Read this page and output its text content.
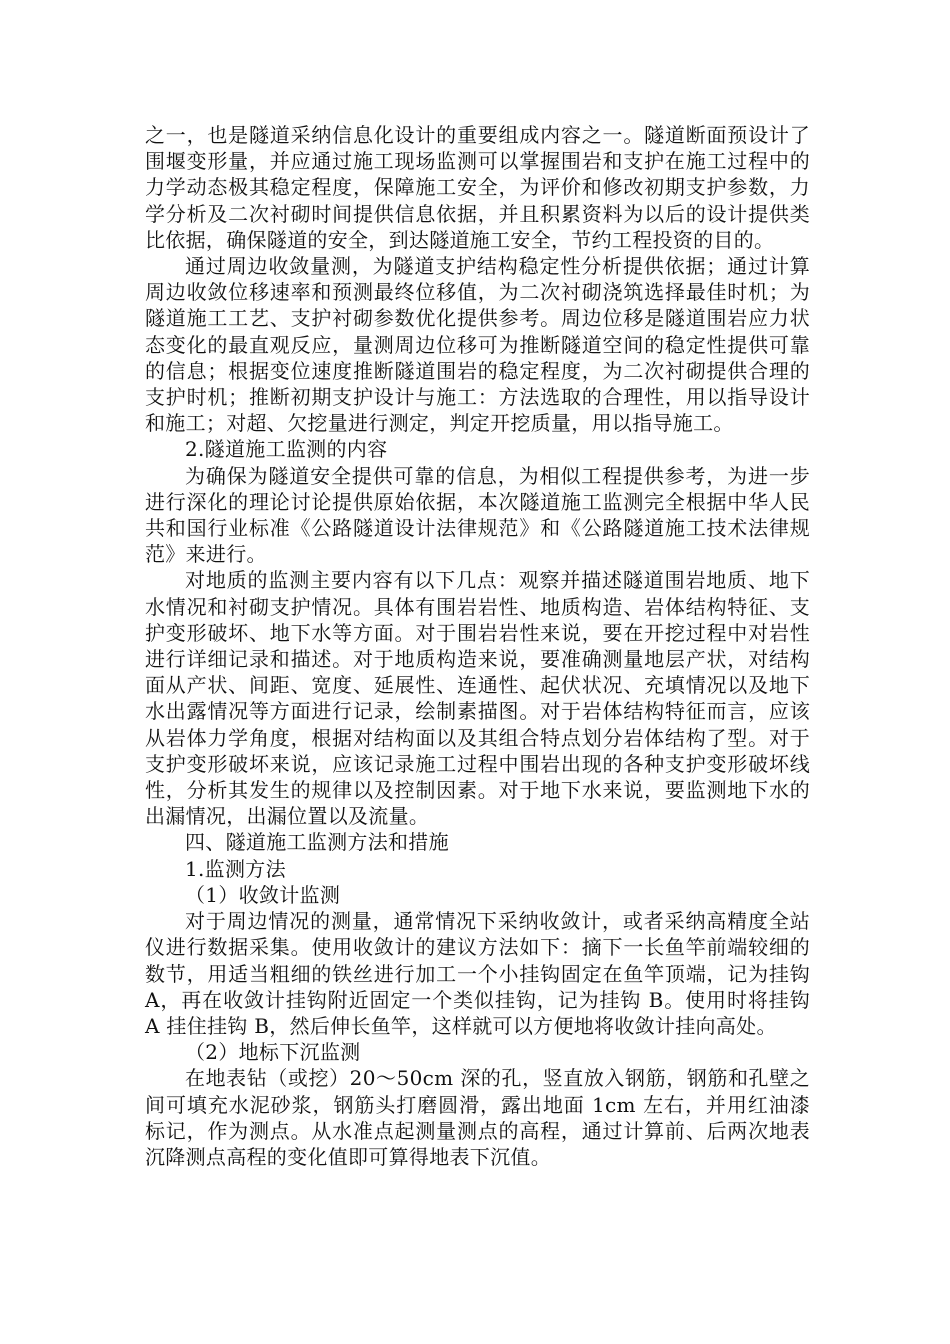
之一，也是隧道采纳信息化设计的重要组成内容之一。隧道断面预设计了围堰变形量，并应通过施工现场监测可以掌握围岩和支护在施工过程中的力学动态极其稳定程度，保障施工安全，为评价和修改初期支护参数，力学分析及二次衬砌时间提供信息依据，并且积累资料为以后的设计提供类比依据，确保隧道的安全，到达隧道施工安全，节约工程投资的目的。

通过周边收敛量测，为隧道支护结构稳定性分析提供依据；通过计算周边收敛位移速率和预测最终位移值，为二次衬砌浇筑选择最佳时机；为隧道施工工艺、支护衬砌参数优化提供参考。周边位移是隧道围岩应力状态变化的最直观反应，量测周边位移可为推断隧道空间的稳定性提供可靠的信息；根据变位速度推断隧道围岩的稳定程度，为二次衬砌提供合理的支护时机；推断初期支护设计与施工：方法选取的合理性，用以指导设计和施工；对超、欠挖量进行测定，判定开挖质量，用以指导施工。

2.隧道施工监测的内容

为确保为隧道安全提供可靠的信息，为相似工程提供参考，为进一步进行深化的理论讨论提供原始依据，本次隧道施工监测完全根据中华人民共和国行业标准《公路隧道设计法律规范》和《公路隧道施工技术法律规范》来进行。

对地质的监测主要内容有以下几点：观察并描述隧道围岩地质、地下水情况和衬砌支护情况。具体有围岩岩性、地质构造、岩体结构特征、支护变形破坏、地下水等方面。对于围岩岩性来说，要在开挖过程中对岩性进行详细记录和描述。对于地质构造来说，要准确测量地层产状，对结构面从产状、间距、宽度、延展性、连通性、起伏状况、充填情况以及地下水出露情况等方面进行记录，绘制素描图。对于岩体结构特征而言，应该从岩体力学角度，根据对结构面以及其组合特点划分岩体结构了型。对于支护变形破坏来说，应该记录施工过程中围岩出现的各种支护变形破坏线性，分析其发生的规律以及控制因素。对于地下水来说，要监测地下水的出漏情况，出漏位置以及流量。

四、隧道施工监测方法和措施

1.监测方法

（1）收敛计监测

对于周边情况的测量，通常情况下采纳收敛计，或者采纳高精度全站仪进行数据采集。使用收敛计的建议方法如下：摘下一长鱼竿前端较细的数节，用适当粗细的铁丝进行加工一个小挂钩固定在鱼竿顶端，记为挂钩 A，再在收敛计挂钩附近固定一个类似挂钩，记为挂钩 B。使用时将挂钩 A 挂住挂钩 B，然后伸长鱼竿，这样就可以方便地将收敛计挂向高处。

（2）地标下沉监测

在地表钻（或挖）20～50cm 深的孔，竖直放入钢筋，钢筋和孔壁之间可填充水泥砂浆，钢筋头打磨圆滑，露出地面 1cm 左右，并用红油漆标记，作为测点。从水准点起测量测点的高程，通过计算前、后两次地表沉降测点高程的变化值即可算得地表下沉值。
